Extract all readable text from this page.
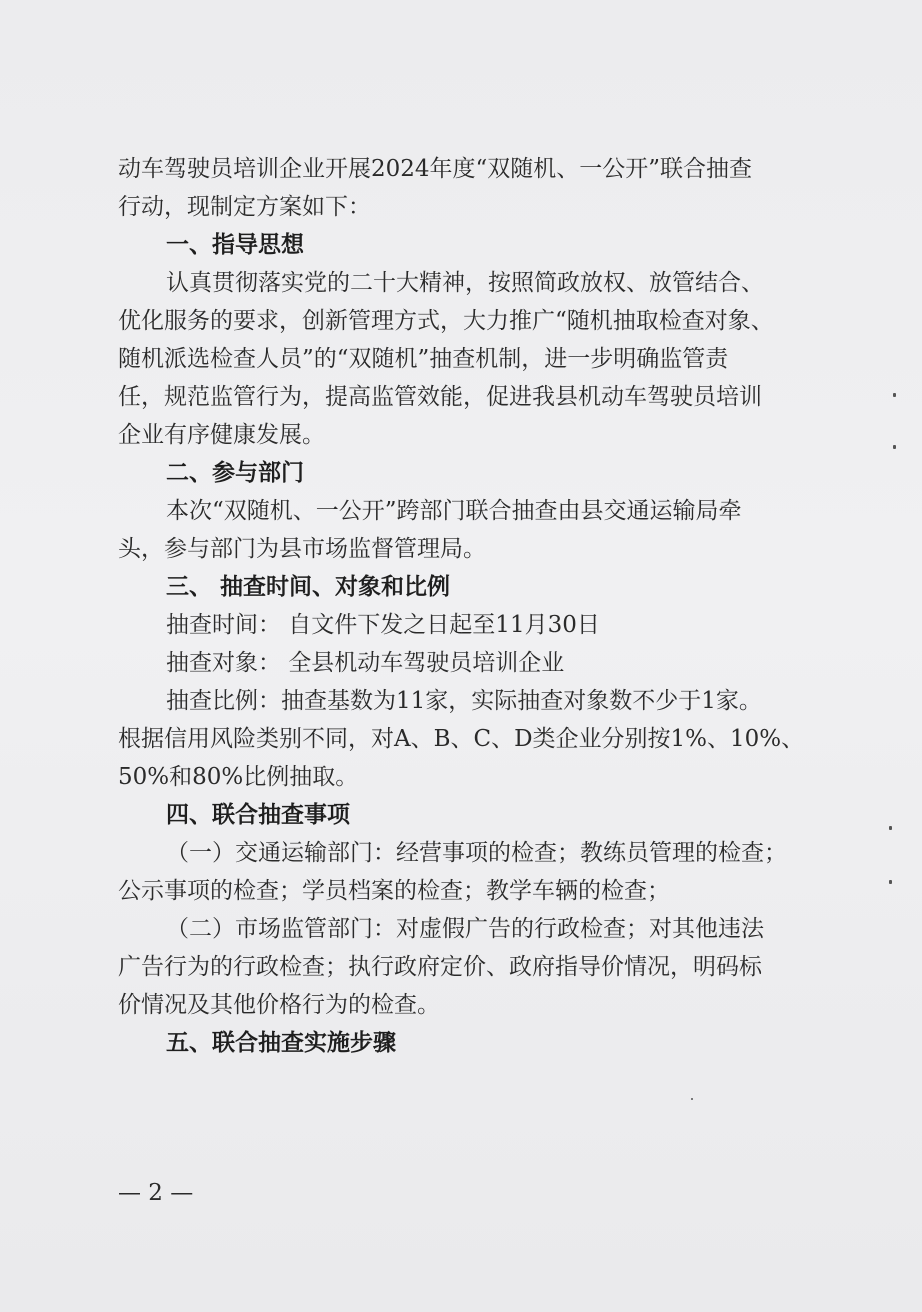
动车驾驶员培训企业开展2024年度“双随机、一公开”联合抽查
行动，现制定方案如下：
一、指导思想
认真贯彻落实党的二十大精神，按照简政放权、放管结合、
优化服务的要求，创新管理方式，大力推广“随机抽取检查对象、
随机派选检查人员”的“双随机”抽查机制，进一步明确监管责
任，规范监管行为，提高监管效能，促进我县机动车驾驶员培训
企业有序健康发展。
二、参与部门
本次“双随机、一公开”跨部门联合抽查由县交通运输局牵
头，参与部门为县市场监督管理局。
三、 抽查时间、对象和比例
抽查时间： 自文件下发之日起至11月30日
抽查对象： 全县机动车驾驶员培训企业
抽查比例：抽查基数为11家，实际抽查对象数不少于1家。
根据信用风险类别不同，对A、B、C、D类企业分别按1%、10%、
50%和80%比例抽取。
四、联合抽查事项
（一）交通运输部门：经营事项的检查；教练员管理的检查；
公示事项的检查；学员档案的检查；教学车辆的检查；
（二）市场监管部门：对虚假广告的行政检查；对其他违法
广告行为的行政检查；执行政府定价、政府指导价情况，明码标
价情况及其他价格行为的检查。
五、联合抽查实施步骤
— 2 —
